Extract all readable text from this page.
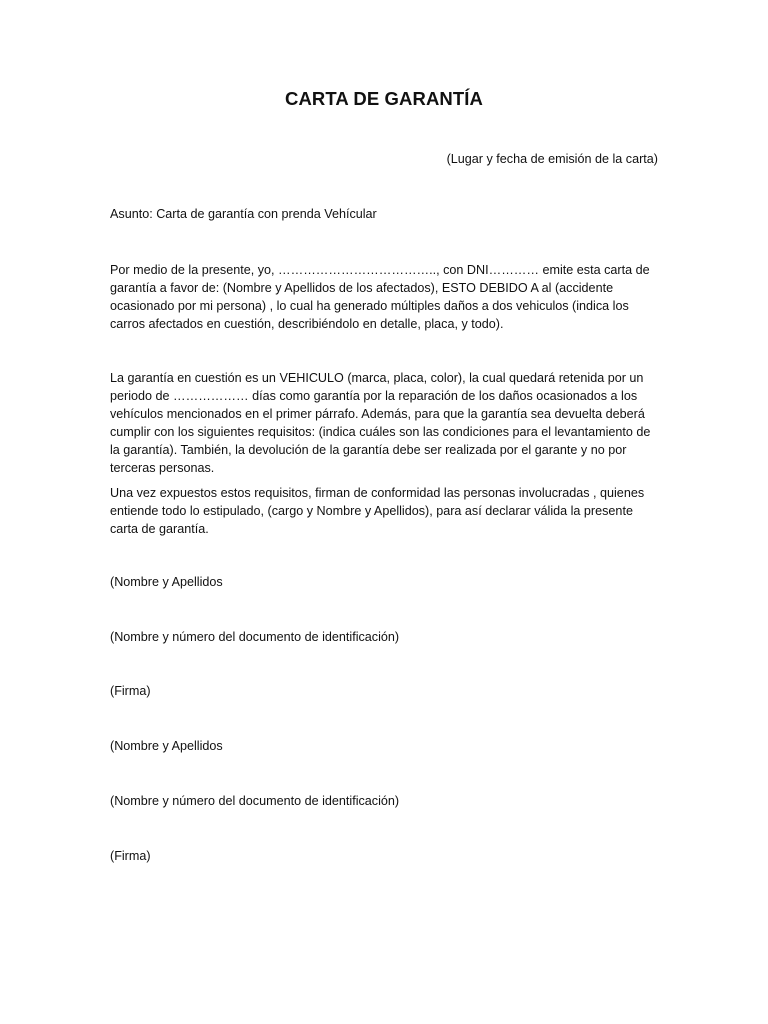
CARTA DE GARANTÍA
(Lugar y fecha de emisión de la carta)
Asunto: Carta de garantía con prenda Vehícular

Por medio de la presente, yo, ……………………………….., con DNI………… emite esta carta de garantía a favor de: (Nombre y Apellidos de los afectados), ESTO DEBIDO A al (accidente ocasionado por mi persona) , lo cual ha generado múltiples daños a dos vehiculos (indica los carros afectados en cuestión, describiéndolo en detalle, placa, y todo).

La garantía en cuestión es un VEHICULO (marca, placa, color), la cual quedará retenida por un periodo de ……………… días como garantía por la reparación de los daños ocasionados a los vehículos mencionados en el primer párrafo. Además, para que la garantía sea devuelta deberá cumplir con los siguientes requisitos: (indica cuáles son las condiciones para el levantamiento de la garantía). También, la devolución de la garantía debe ser realizada por el garante y no por terceras personas.

Una vez expuestos estos requisitos, firman de conformidad las personas involucradas , quienes entiende todo lo estipulado, (cargo y Nombre y Apellidos), para así declarar válida la presente carta de garantía.

(Nombre y Apellidos
(Nombre y número del documento de identificación)
(Firma)
(Nombre y Apellidos
(Nombre y número del documento de identificación)
(Firma)
